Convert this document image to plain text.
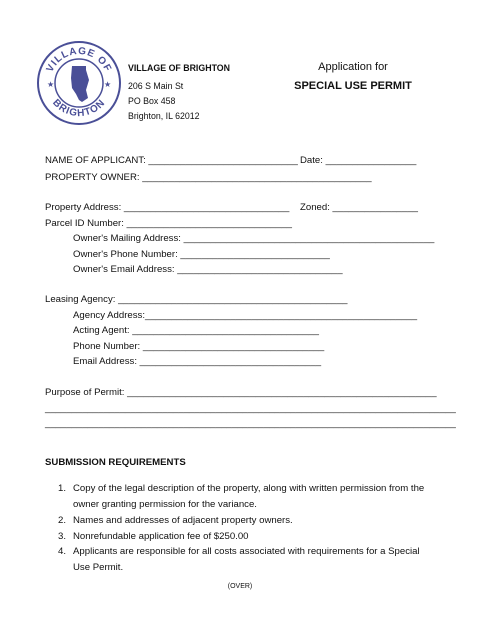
VILLAGE OF
BRIGHTON
★	★
VILLAGE OF BRIGHTON
206 S Main St
PO Box 458
Brighton, IL 62012
Application for
SPECIAL USE PERMIT
NAME OF APPLICANT: ____________________________ Date: _________________
PROPERTY OWNER: ___________________________________________
Property Address: _______________________________ Zoned: ________________
Parcel ID Number: _______________________________
Owner's Mailing Address: _______________________________________________
Owner's Phone Number: ____________________________
Owner's Email Address: _______________________________
Leasing Agency: ___________________________________________
Agency Address:___________________________________________________
Acting Agent: ___________________________________
Phone Number: __________________________________
Email Address: __________________________________
Purpose of Permit: __________________________________________________________
_____________________________________________________________________________
_____________________________________________________________________________
SUBMISSION REQUIREMENTS
1. Copy of the legal description of the property, along with written permission from the owner granting permission for the variance.
2. Names and addresses of adjacent property owners.
3. Nonrefundable application fee of $250.00
4. Applicants are responsible for all costs associated with requirements for a Special Use Permit.
(OVER)
